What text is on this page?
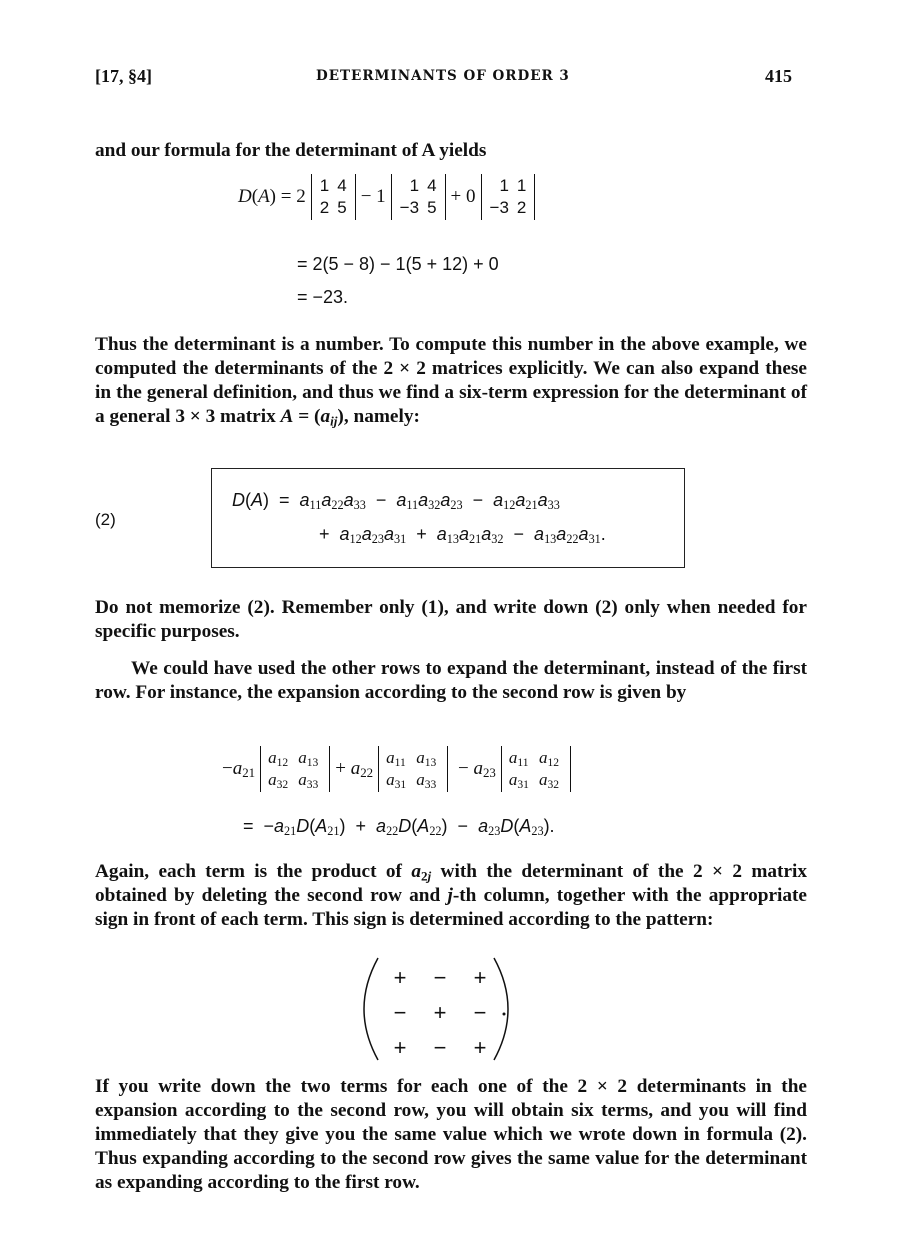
[17, §4]	DETERMINANTS OF ORDER 3	415

and our formula for the determinant of A yields

D(A) = 2
1	4
2	5
− 1
1	4
−3	5
+ 0
1	1
−3	2
= 2(5 − 8) − 1(5 + 12) + 0
= −23.

Thus the determinant is a number. To compute this number in the above example, we computed the determinants of the 2 × 2 matrices explicitly. We can also expand these in the general definition, and thus we find a six-term expression for the determinant of a general 3 × 3 matrix $A = (a_{ij})$, namely:

(2)
$D(A) = a_{11}a_{22}a_{33} - a_{11}a_{32}a_{23} - a_{12}a_{21}a_{33}$
+  $a_{12}a_{23}a_{31} + a_{13}a_{21}a_{32} - a_{13}a_{22}a_{31}$.

Do not memorize (2). Remember only (1), and write down (2) only when needed for specific purposes.

We could have used the other rows to expand the determinant, instead of the first row. For instance, the expansion according to the second row is given by

$-a_{21}$
$a_{12}$	$a_{13}$
$a_{32}$	$a_{33}$
+ $a_{22}$
$a_{11}$	$a_{13}$
$a_{31}$	$a_{33}$
− $a_{23}$
$a_{11}$	$a_{12}$
$a_{31}$	$a_{32}$
=  $-a_{21}D(A_{21}) + a_{22}D(A_{22}) - a_{23}D(A_{23})$.

Again, each term is the product of $a_{2j}$ with the determinant of the 2 × 2 matrix obtained by deleting the second row and j-th column, together with the appropriate sign in front of each term. This sign is determined according to the pattern:

+	−	+
−	+	−
+	−	+

If you write down the two terms for each one of the 2 × 2 determinants in the expansion according to the second row, you will obtain six terms, and you will find immediately that they give you the same value which we wrote down in formula (2). Thus expanding according to the second row gives the same value for the determinant as expanding according to the first row.
